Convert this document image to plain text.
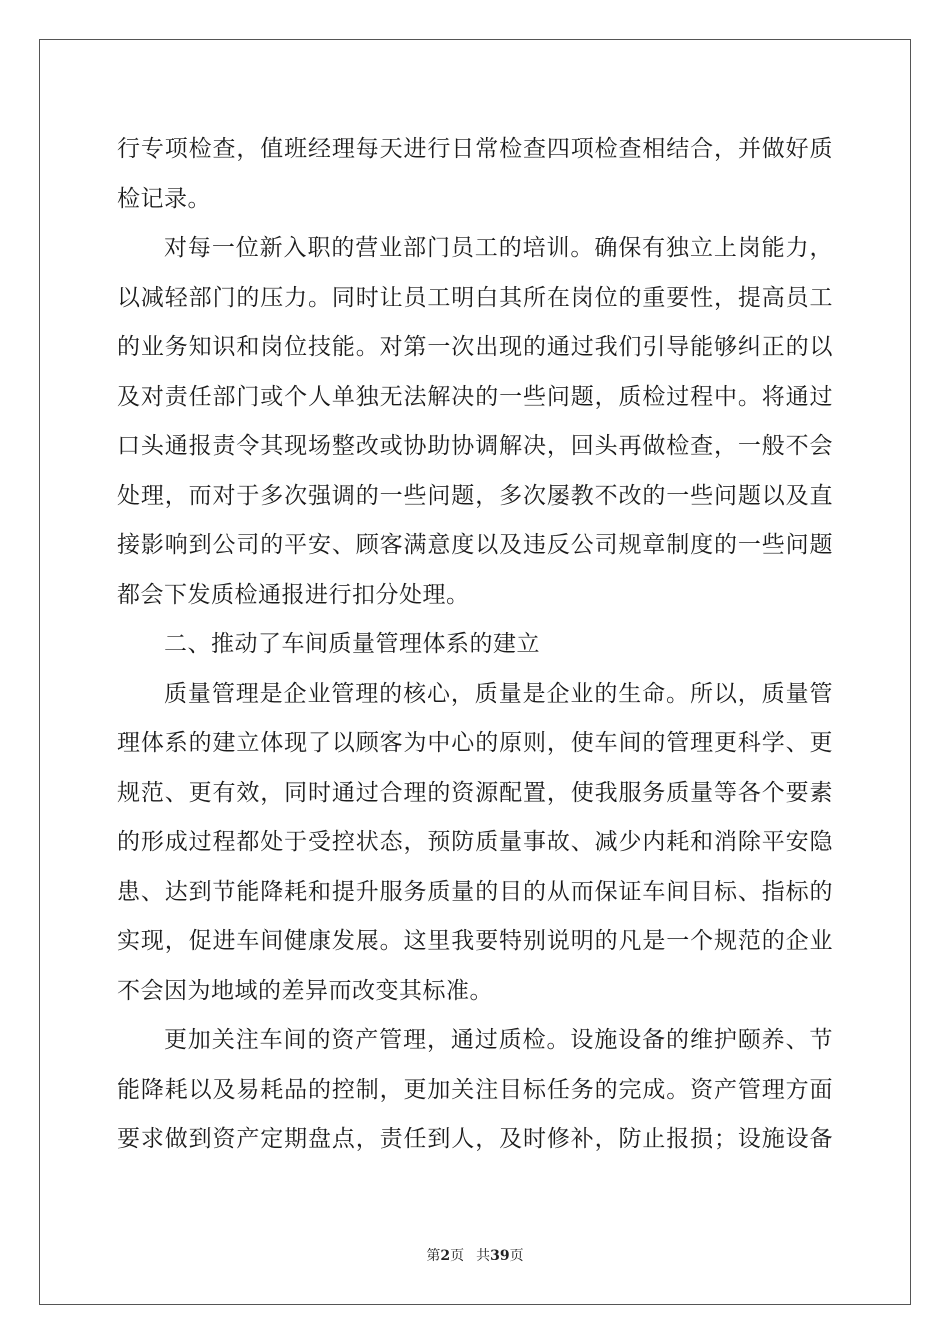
行专项检查，值班经理每天进行日常检查四项检查相结合，并做好质
检记录。
对每一位新入职的营业部门员工的培训。确保有独立上岗能力，
以减轻部门的压力。同时让员工明白其所在岗位的重要性，提高员工
的业务知识和岗位技能。对第一次出现的通过我们引导能够纠正的以
及对责任部门或个人单独无法解决的一些问题，质检过程中。将通过
口头通报责令其现场整改或协助协调解决，回头再做检查，一般不会
处理，而对于多次强调的一些问题，多次屡教不改的一些问题以及直
接影响到公司的平安、顾客满意度以及违反公司规章制度的一些问题
都会下发质检通报进行扣分处理。
二、推动了车间质量管理体系的建立
质量管理是企业管理的核心，质量是企业的生命。所以，质量管
理体系的建立体现了以顾客为中心的原则，使车间的管理更科学、更
规范、更有效，同时通过合理的资源配置，使我服务质量等各个要素
的形成过程都处于受控状态，预防质量事故、减少内耗和消除平安隐
患、达到节能降耗和提升服务质量的目的从而保证车间目标、指标的
实现，促进车间健康发展。这里我要特别说明的凡是一个规范的企业
不会因为地域的差异而改变其标准。
更加关注车间的资产管理，通过质检。设施设备的维护颐养、节
能降耗以及易耗品的控制，更加关注目标任务的完成。资产管理方面
要求做到资产定期盘点，责任到人，及时修补，防止报损；设施设备
第2页 共39页
